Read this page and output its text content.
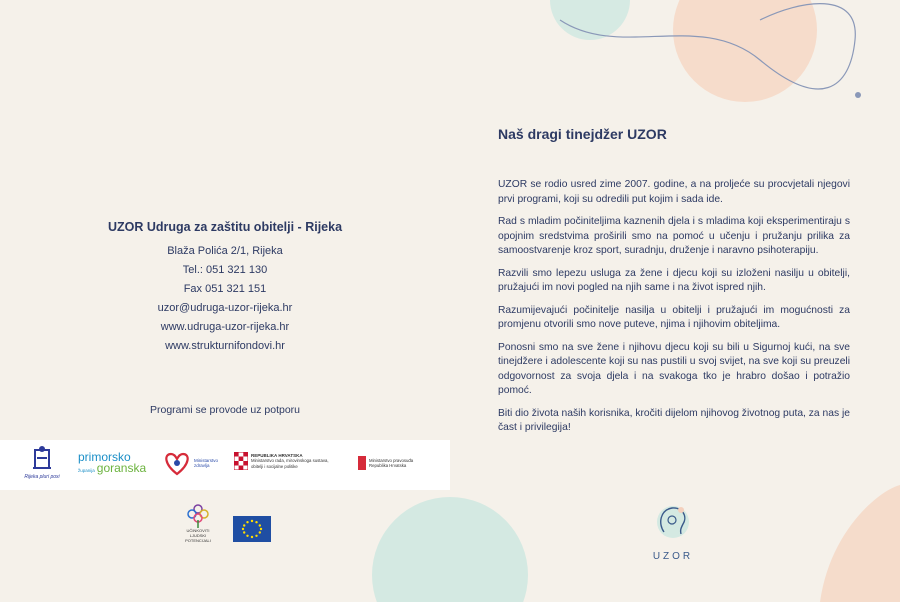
UZOR Udruga za zaštitu obitelji - Rijeka
Blaža Polića 2/1, Rijeka
Tel.: 051 321 130
Fax 051 321 151
uzor@udruga-uzor-rijeka.hr
www.udruga-uzor-rijeka.hr
www.strukturnifondovi.hr
Programi se provode uz potporu
Rijeka pluri poxi
primorsko
županija goranska
Ministarstvo zdravlja
REPUBLIKA HRVATSKA
Ministarstvo rada, mirovinskoga sustava, obitelji i socijalne politike
Ministarstvo pravosuđa Republika Hrvatska
UČINKOVITI LJUDSKI POTENCIJALI
Naš dragi tinejdžer UZOR

UZOR se rodio usred zime 2007. godine, a na proljeće su procvjetali njegovi prvi programi, koji su odredili put kojim i sada ide.

Rad s mladim počiniteljima kaznenih djela i s mladima koji eksperimentiraju s opojnim sredstvima proširili smo na pomoć u učenju i pružanju prilika za samoostvarenje kroz sport, suradnju, druženje i naravno psihoterapiju.

Razvili smo lepezu usluga za žene i djecu koji su izloženi nasilju u obitelji, pružajući im novi pogled na njih same i na život ispred njih.

Razumijevajući počinitelje nasilja u obitelji i pružajući im mogućnosti za promjenu otvorili smo nove puteve, njima i njihovim obiteljima.

Ponosni smo na sve žene i njihovu djecu koji su bili u Sigurnoj kući, na sve tinejdžere i adolescente koji su nas pustili u svoj svijet, na sve koji su preuzeli odgovornost za svoja djela i na svakoga tko je hrabro došao i potražio pomoć.

Biti dio života naših korisnika, kročiti dijelom njihovog životnog puta, za nas je čast i privilegija!

UZOR
